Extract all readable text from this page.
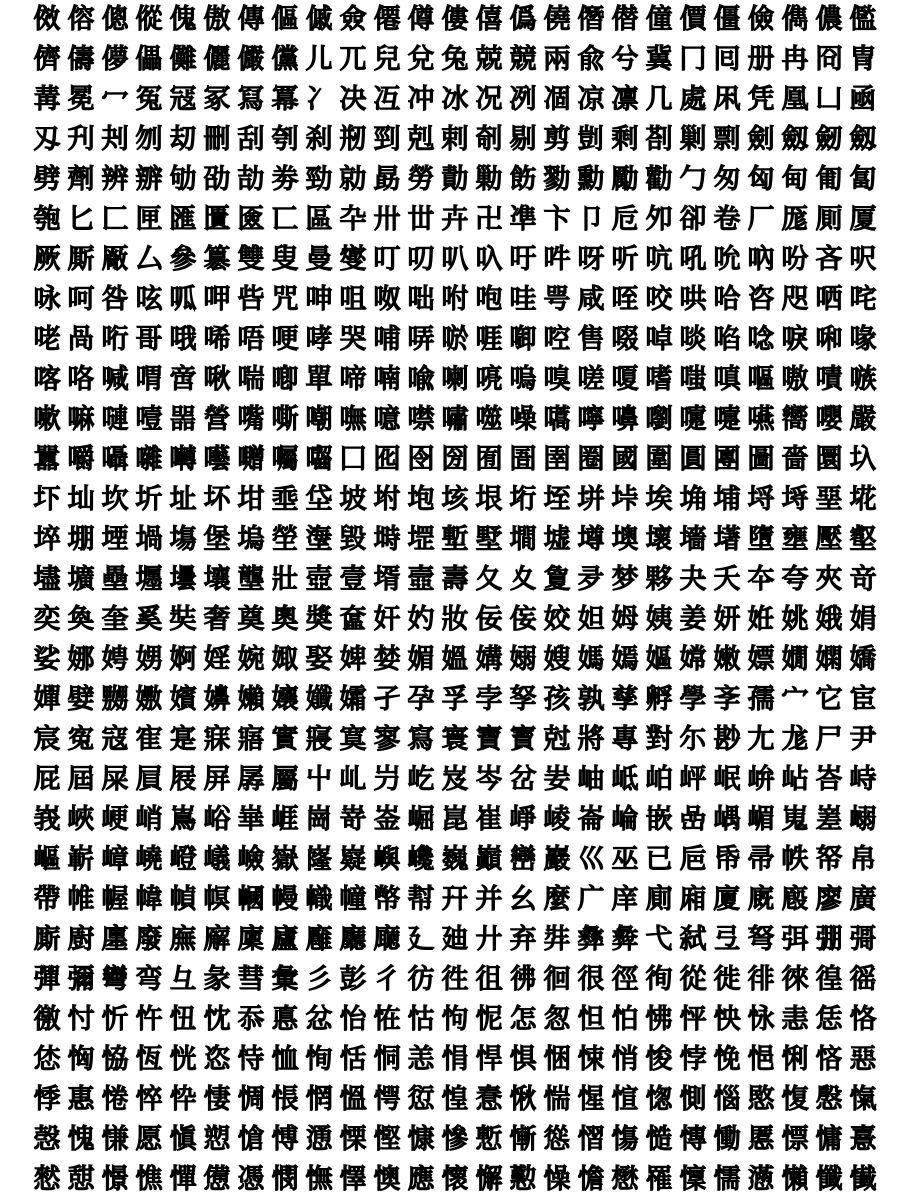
傚 傛 傯 傱 傀 傲 傳 傴 傶 僉 僊 僔 僂 僖 僞 僥 僭 僣 僮 價 僵 儉 儁 儂 儖
儕 儔 儚 儡 儺 儷 儼 儻 儿 兀 兒 兌 兔 兢 競 兩 兪 兮 冀 冂 囘 册 冉 冏 冑
冓 冕 冖 冤 冦 冢 冩 冪 冫 决 冱 冲 冰 况 冽 凅 凉 凛 几 處 凩 凭 凰 凵 凾
刄 刋 刔 刎 刧 刪 刮 刳 刹 剏 剄 剋 剌 剞 剔 剪 剴 剩 剳 剿 剽 劍 劔 劒 劔
劈 劑 辨 辧 劬 劭 劼 劵 勁 勍 勗 勞 勣 勦 飭 勠 勳 勵 勸 勹 匆 匈 甸 匍 匐
匏 匕 匚 匣 匯 匱 匳 匸 區 卆 卅 丗 卉 卍 凖 卞 卩 卮 夘 卻 卷 厂 厖 厠 厦
厥 厮 厰 厶 參 簒 雙 叟 曼 燮 叮 叨 叭 叺 吁 吽 呀 听 吭 吼 吮 吶 吩 吝 呎
咏 呵 咎 呟 呱 呷 呰 咒 呻 咀 呶 咄 咐 咆 哇 咢 咸 咥 咬 哄 哈 咨 咫 哂 咤
咾 咼 哘 哥 哦 唏 唔 哽 哮 哭 哺 哢 唹 啀 啣 啌 售 啜 啅 啖 啗 唸 唳 啝 喙
喀 咯 喊 喟 啻 啾 喘 喞 單 啼 喃 喩 喇 喨 嗚 嗅 嗟 嗄 嗜 嗤 嗔 嘔 嗷 嘖 嗾
嗽 嘛 嗹 噎 噐 營 嘴 嘶 嘲 嘸 噫 噤 嘯 噬 噪 嚆 嚀 嚊 嚠 嚔 嚏 嚥 嚮 嚶 嚴
囂 嚼 囁 囃 囀 囈 囎 囑 囓 囗 囮 囹 圀 囿 圄 圉 圈 國 圍 圓 團 圖 嗇 圜 圦
圷 圸 坎 圻 址 坏 坩 埀 垈 坡 坿 垉 垓 垠 垳 垤 垪 垰 埃 埆 埔 埒 埓 堊 埖
埣 堋 堙 堝 塲 堡 塢 塋 塰 毀 塒 堽 塹 墅 墹 墟 墫 墺 壞 墻 墸 墮 壅 壓 壑
壗 壙 壘 壥 壜 壤 壟 壯 壺 壹 壻 壼 壽 夂 夊 夐 夛 梦 夥 夬 夭 夲 夸 夾 竒
奕 奐 奎 奚 奘 奢 奠 奧 奬 奩 奸 妁 妝 佞 侫 姣 妲 姆 姨 姜 妍 姙 姚 娥 娟
娑 娜 娉 娚 婀 婬 婉 娵 娶 婢 婪 媚 媼 媾 嫋 嫂 媽 嫣 嫗 嫦 嫩 嫖 嫺 嫻 嬌
嬋 嬖 嬲 嫐 嬪 嬶 嬾 孃 孅 孀 孑 孕 孚 孛 孥 孩 孰 孳 孵 學 斈 孺 宀 它 宦
宸 寃 寇 寉 寔 寐 寤 實 寢 寞 寥 寫 寰 寶 寳 尅 將 專 對 尓 尠 尢 尨 尸 尹
屁 屆 屎 屓 屐 屏 孱 屬 屮 乢 屶 屹 岌 岑 岔 妛 岫 岻 岶 岼 岷 峅 岾 峇 峙
峩 峽 峺 峭 嶌 峪 崋 崕 崗 嵜 崟 崛 崑 崔 崢 崚 崙 崘 嵌 嵒 嵎 嵋 嵬 嵳 嵶
嶇 嶄 嶂 嶢 嶝 嶬 嶮 嶽 嶐 嶷 嶼 巉 巍 巓 巒 巖 巛 巫 已 巵 帋 帚 帙 帑 帛
帶 帷 幄 幃 幀 幎 幗 幔 幟 幢 幤 幇 幵 并 幺 麼 广 庠 廁 廂 廈 廐 廏 廖 廣
廝 廚 廛 廢 廡 廨 廩 廬 廱 廳 廰 廴 廸 廾 弃 弉 彝 彜 弋 弑 弖 弩 弭 弸 彁
彈 彌 彎 弯 彑 彖 彗 彙 彡 彭 彳 彷 徃 徂 彿 徊 很 徑 徇 從 徙 徘 徠 徨 徭
徼 忖 忻 忤 忸 忱 忝 悳 忿 怡 恠 怙 怐 怩 怎 怱 怛 怕 怫 怦 怏 怺 恚 恁 恪
恷 恟 恊 恆 恍 恣 恃 恤 恂 恬 恫 恙 悁 悍 惧 悃 悚 悄 悛 悖 悗 悒 悧 悋 惡
悸 惠 惓 悴 忰 悽 惆 悵 惘 慍 愕 愆 惶 惷 愀 惴 惺 愃 愡 惻 惱 愍 愎 慇 愾
愨 愧 慊 愿 愼 愬 愴 愽 慂 慄 慳 慷 慘 慙 慚 慫 慴 慯 慥 慱 慟 慝 慓 慵 憙
憖 憇 憬 憔 憚 憊 憑 憫 憮 懌 懊 應 懷 懈 懃 懆 憺 懋 罹 懍 懦 懣 懶 懺 懴
